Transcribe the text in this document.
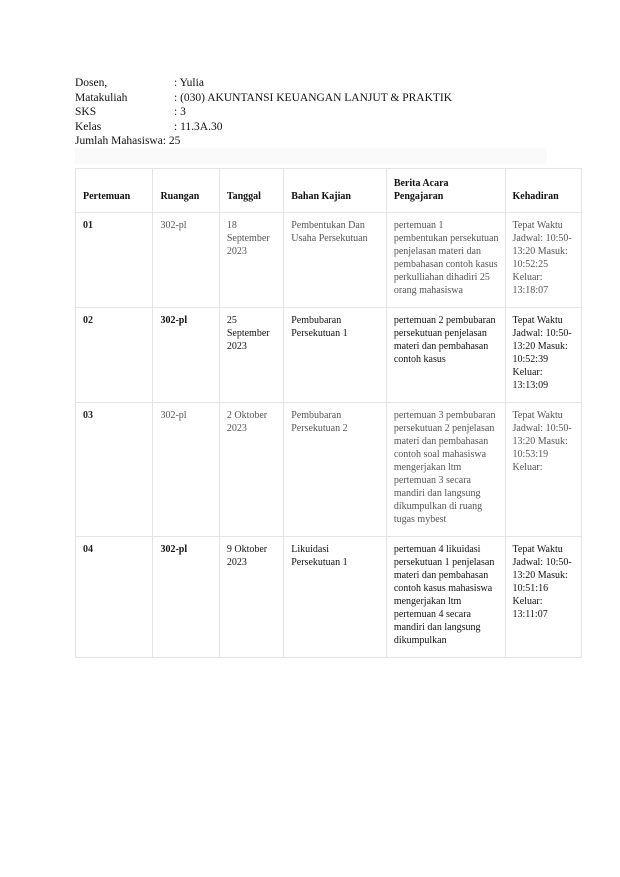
Dosen,	: Yulia
Matakuliah	: (030) AKUNTANSI KEUANGAN LANJUT & PRAKTIK
SKS	: 3
Kelas	: 11.3A.30
Jumlah Mahasiswa : 25
Pertemuan	Ruangan	Tanggal	Bahan Kajian	Berita Acara Pengajaran	Kehadiran
01	302-pl	18 September 2023	Pembentukan Dan Usaha Persekutuan	pertemuan 1 pembentukan persekutuan penjelasan materi dan pembahasan contoh kasus perkulliahan dihadiri 25 orang mahasiswa	Tepat Waktu Jadwal: 10:50-13:20 Masuk: 10:52:25 Keluar: 13:18:07
02	302-pl	25 September 2023	Pembubaran Persekutuan 1	pertemuan 2 pembubaran persekutuan penjelasan materi dan pembahasan contoh kasus	Tepat Waktu Jadwal: 10:50-13:20 Masuk: 10:52:39 Keluar: 13:13:09
03	302-pl	2 Oktober 2023	Pembubaran Persekutuan 2	pertemuan 3 pembubaran persekutuan 2 penjelasan materi dan pembahasan contoh soal mahasiswa mengerjakan ltm pertemuan 3 secara mandiri dan langsung dikumpulkan di ruang tugas mybest	Tepat Waktu Jadwal: 10:50-13:20 Masuk: 10:53:19 Keluar:
04	302-pl	9 Oktober 2023	Likuidasi Persekutuan 1	pertemuan 4 likuidasi persekutuan 1 penjelasan materi dan pembahasan contoh kasus mahasiswa mengerjakan ltm pertemuan 4 secara mandiri dan langsung dikumpulkan	Tepat Waktu Jadwal: 10:50-13:20 Masuk: 10:51:16 Keluar: 13:11:07
